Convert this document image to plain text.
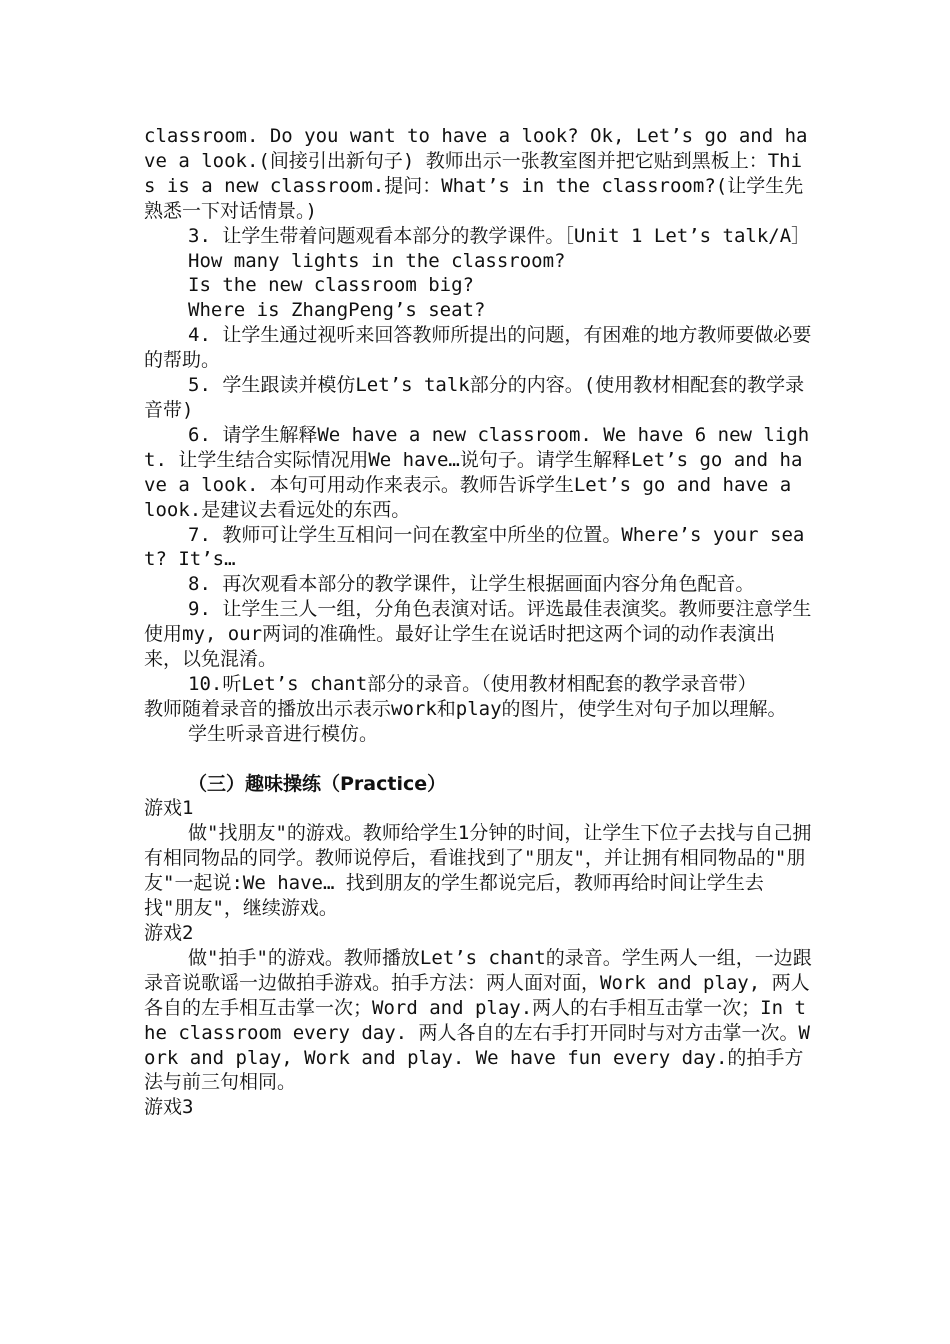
classroom. Do you want to have a look? Ok, Let’s go and have a look.(间接引出新句子) 教师出示一张教室图并把它贴到黑板上：This is a new classroom.提问：What’s in the classroom?(让学生先熟悉一下对话情景。)

3. 让学生带着问题观看本部分的教学课件。［Unit 1 Let’s talk/A］

How many lights in the classroom?

Is the new classroom big?

Where is ZhangPeng’s seat?

4. 让学生通过视听来回答教师所提出的问题，有困难的地方教师要做必要的帮助。

5. 学生跟读并模仿Let’s talk部分的内容。(使用教材相配套的教学录音带)

6. 请学生解释We have a new classroom. We have 6 new light. 让学生结合实际情况用We have…说句子。请学生解释Let’s go and have a look. 本句可用动作来表示。教师告诉学生Let’s go and have a look.是建议去看远处的东西。

7. 教师可让学生互相问一问在教室中所坐的位置。Where’s your seat? It’s…

8. 再次观看本部分的教学课件，让学生根据画面内容分角色配音。

9. 让学生三人一组，分角色表演对话。评选最佳表演奖。教师要注意学生使用my, our两词的准确性。最好让学生在说话时把这两个词的动作表演出来，以免混淆。

10.听Let’s chant部分的录音。（使用教材相配套的教学录音带）

教师随着录音的播放出示表示work和play的图片，使学生对句子加以理解。

学生听录音进行模仿。

（三）趣味操练（Practice）

游戏1

做"找朋友"的游戏。教师给学生1分钟的时间，让学生下位子去找与自己拥有相同物品的同学。教师说停后，看谁找到了"朋友"，并让拥有相同物品的"朋友"一起说:We have… 找到朋友的学生都说完后，教师再给时间让学生去找"朋友"，继续游戏。

游戏2

做"拍手"的游戏。教师播放Let’s chant的录音。学生两人一组，一边跟录音说歌谣一边做拍手游戏。拍手方法：两人面对面，Work and play, 两人各自的左手相互击掌一次；Word and play.两人的右手相互击掌一次；In the classroom every day. 两人各自的左右手打开同时与对方击掌一次。Work and play, Work and play. We have fun every day.的拍手方法与前三句相同。

游戏3
